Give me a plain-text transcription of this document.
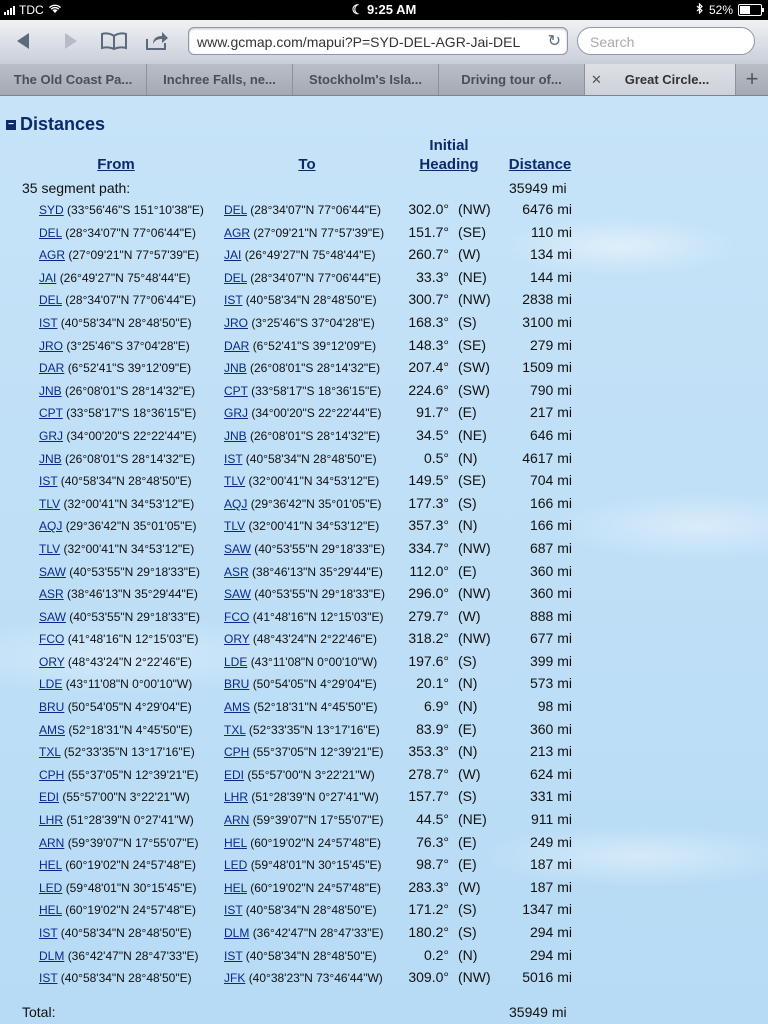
TDC	☾ 9:25 AM	52%
www.gcmap.com/mapui?P=SYD-DEL-AGR-Jai-DEL	↻
Search
The Old Coast Pa...	Inchree Falls, ne...	Stockholm's Isla...	Driving tour of...	✕ Great Circle...	+
− Distances
From	To
Initial
Heading	Distance
35 segment path:	35949 mi
SYD (33°56'46"S 151°10'38"E) DEL (28°34'07"N 77°06'44"E)	302.0° (NW)	6476 mi
DEL (28°34'07"N 77°06'44"E) AGR (27°09'21"N 77°57'39"E)	151.7° (SE)	110 mi
AGR (27°09'21"N 77°57'39"E) JAI (26°49'27"N 75°48'44"E)	260.7° (W)	134 mi
JAI (26°49'27"N 75°48'44"E)	DEL (28°34'07"N 77°06'44"E)	33.3° (NE)	144 mi
DEL (28°34'07"N 77°06'44"E) IST (40°58'34"N 28°48'50"E)	300.7° (NW)	2838 mi
IST (40°58'34"N 28°48'50"E)	JRO (3°25'46"S 37°04'28"E)	168.3° (S)	3100 mi
JRO (3°25'46"S 37°04'28"E)	DAR (6°52'41"S 39°12'09"E)	148.3° (SE)	279 mi
DAR (6°52'41"S 39°12'09"E)	JNB (26°08'01"S 28°14'32"E)	207.4° (SW)	1509 mi
JNB (26°08'01"S 28°14'32"E) CPT (33°58'17"S 18°36'15"E)	224.6° (SW)	790 mi
CPT (33°58'17"S 18°36'15"E) GRJ (34°00'20"S 22°22'44"E)	91.7° (E)	217 mi
GRJ (34°00'20"S 22°22'44"E) JNB (26°08'01"S 28°14'32"E)	34.5° (NE)	646 mi
JNB (26°08'01"S 28°14'32"E) IST (40°58'34"N 28°48'50"E)	0.5° (N)	4617 mi
IST (40°58'34"N 28°48'50"E)	TLV (32°00'41"N 34°53'12"E)	149.5° (SE)	704 mi
TLV (32°00'41"N 34°53'12"E) AQJ (29°36'42"N 35°01'05"E)	177.3° (S)	166 mi
AQJ (29°36'42"N 35°01'05"E) TLV (32°00'41"N 34°53'12"E)	357.3° (N)	166 mi
TLV (32°00'41"N 34°53'12"E) SAW (40°53'55"N 29°18'33"E)	334.7° (NW)	687 mi
SAW (40°53'55"N 29°18'33"E) ASR (38°46'13"N 35°29'44"E)	112.0° (E)	360 mi
ASR (38°46'13"N 35°29'44"E) SAW (40°53'55"N 29°18'33"E)	296.0° (NW)	360 mi
SAW (40°53'55"N 29°18'33"E) FCO (41°48'16"N 12°15'03"E)	279.7° (W)	888 mi
FCO (41°48'16"N 12°15'03"E) ORY (48°43'24"N 2°22'46"E)	318.2° (NW)	677 mi
ORY (48°43'24"N 2°22'46"E)	LDE (43°11'08"N 0°00'10"W)	197.6° (S)	399 mi
LDE (43°11'08"N 0°00'10"W)	BRU (50°54'05"N 4°29'04"E)	20.1° (N)	573 mi
BRU (50°54'05"N 4°29'04"E)	AMS (52°18'31"N 4°45'50"E)	6.9° (N)	98 mi
AMS (52°18'31"N 4°45'50"E)	TXL (52°33'35"N 13°17'16"E)	83.9° (E)	360 mi
TXL (52°33'35"N 13°17'16"E) CPH (55°37'05"N 12°39'21"E)	353.3° (N)	213 mi
CPH (55°37'05"N 12°39'21"E) EDI (55°57'00"N 3°22'21"W)	278.7° (W)	624 mi
EDI (55°57'00"N 3°22'21"W)	LHR (51°28'39"N 0°27'41"W)	157.7° (S)	331 mi
LHR (51°28'39"N 0°27'41"W)	ARN (59°39'07"N 17°55'07"E)	44.5° (NE)	911 mi
ARN (59°39'07"N 17°55'07"E) HEL (60°19'02"N 24°57'48"E)	76.3° (E)	249 mi
HEL (60°19'02"N 24°57'48"E) LED (59°48'01"N 30°15'45"E)	98.7° (E)	187 mi
LED (59°48'01"N 30°15'45"E) HEL (60°19'02"N 24°57'48"E)	283.3° (W)	187 mi
HEL (60°19'02"N 24°57'48"E) IST (40°58'34"N 28°48'50"E)	171.2° (S)	1347 mi
IST (40°58'34"N 28°48'50"E)	DLM (36°42'47"N 28°47'33"E)	180.2° (S)	294 mi
DLM (36°42'47"N 28°47'33"E) IST (40°58'34"N 28°48'50"E)	0.2° (N)	294 mi
IST (40°58'34"N 28°48'50"E)	JFK (40°38'23"N 73°46'44"W)	309.0° (NW)	5016 mi
Total:	35949 mi
